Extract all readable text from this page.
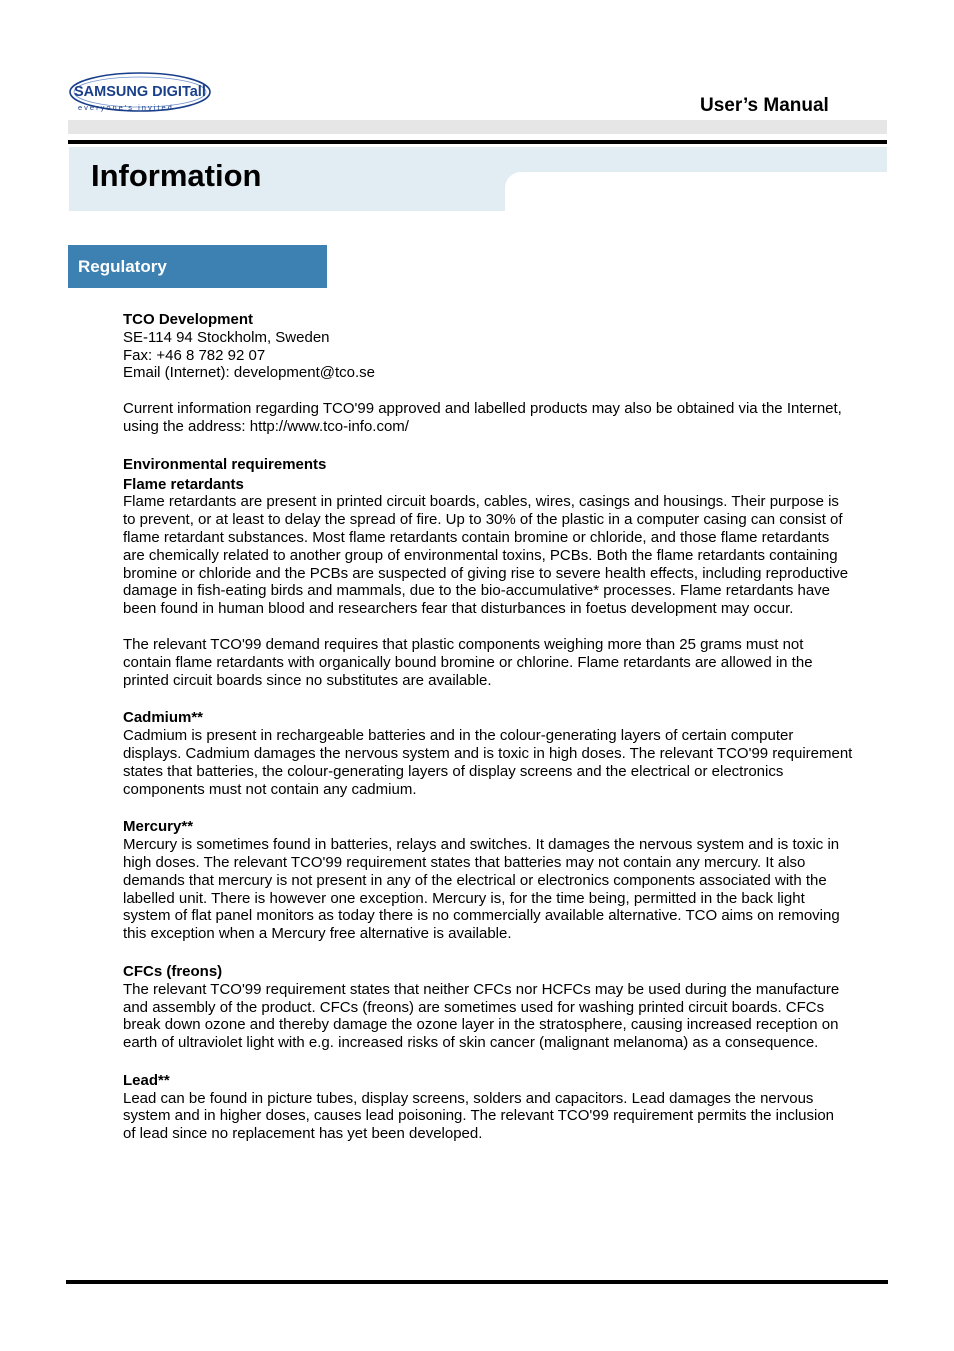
SAMSUNG DIGITall
everyone's invited	User’s Manual
Information
Regulatory

TCO Development

SE-114 94 Stockholm, Sweden

Fax: +46 8 782 92 07

Email (Internet): development@tco.se

Current information regarding TCO'99 approved and labelled products may also be obtained via the Internet,

using the address: http://www.tco-info.com/

Environmental requirements

Flame retardants

Flame retardants are present in printed circuit boards, cables, wires, casings and housings. Their purpose is

to prevent, or at least to delay the spread of fire. Up to 30% of the plastic in a computer casing can consist of

flame retardant substances. Most flame retardants contain bromine or chloride, and those flame retardants

are chemically related to another group of environmental toxins, PCBs. Both the flame retardants containing

bromine or chloride and the PCBs are suspected of giving rise to severe health effects, including reproductive

damage in fish-eating birds and mammals, due to the bio-accumulative* processes. Flame retardants have

been found in human blood and researchers fear that disturbances in foetus development may occur.

The relevant TCO'99 demand requires that plastic components weighing more than 25 grams must not

contain flame retardants with organically bound bromine or chlorine. Flame retardants are allowed in the

printed circuit boards since no substitutes are available.

Cadmium**

Cadmium is present in rechargeable batteries and in the colour-generating layers of certain computer

displays. Cadmium damages the nervous system and is toxic in high doses. The relevant TCO'99 requirement

states that batteries, the colour-generating layers of display screens and the electrical or electronics

components must not contain any cadmium.

Mercury**

Mercury is sometimes found in batteries, relays and switches. It damages the nervous system and is toxic in

high doses. The relevant TCO'99 requirement states that batteries may not contain any mercury. It also

demands that mercury is not present in any of the electrical or electronics components associated with the

labelled unit. There is however one exception. Mercury is, for the time being, permitted in the back light

system of flat panel monitors as today there is no commercially available alternative. TCO aims on removing

this exception when a Mercury free alternative is available.

CFCs (freons)

The relevant TCO'99 requirement states that neither CFCs nor HCFCs may be used during the manufacture

and assembly of the product. CFCs (freons) are sometimes used for washing printed circuit boards. CFCs

break down ozone and thereby damage the ozone layer in the stratosphere, causing increased reception on

earth of ultraviolet light with e.g. increased risks of skin cancer (malignant melanoma) as a consequence.

Lead**

Lead can be found in picture tubes, display screens, solders and capacitors. Lead damages the nervous

system and in higher doses, causes lead poisoning. The relevant TCO'99 requirement permits the inclusion

of lead since no replacement has yet been developed.
